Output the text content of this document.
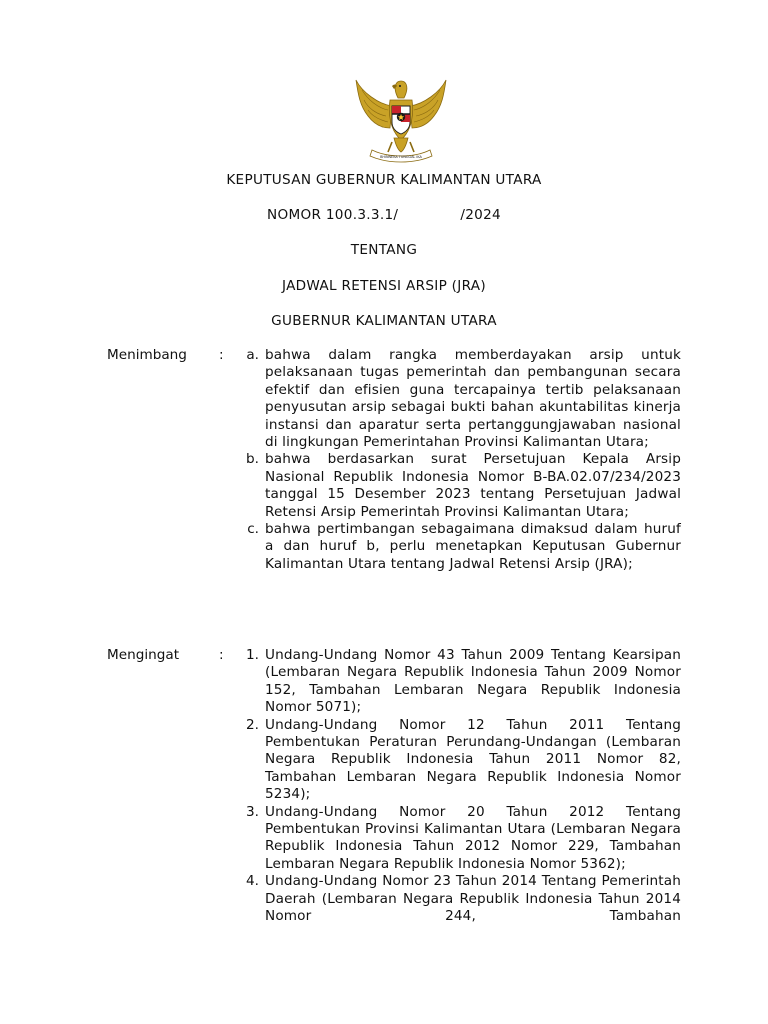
BHINNEKA TUNGGAL IKA
KEPUTUSAN GUBERNUR KALIMANTAN UTARA
NOMOR 100.3.3.1/	/2024
TENTANG
JADWAL RETENSI ARSIP (JRA)
GUBERNUR KALIMANTAN UTARA
Menimbang :	a. bahwa dalam rangka memberdayakan arsip untuk pelaksanaan tugas pemerintah dan pembangunan secara efektif dan efisien guna tercapainya tertib pelaksanaan penyusutan arsip sebagai bukti bahan akuntabilitas kinerja instansi dan aparatur serta pertanggungjawaban nasional di lingkungan Pemerintahan Provinsi Kalimantan Utara;
b. bahwa berdasarkan surat Persetujuan Kepala Arsip Nasional Republik Indonesia Nomor B-BA.02.07/234/2023 tanggal 15 Desember 2023 tentang Persetujuan Jadwal Retensi Arsip Pemerintah Provinsi Kalimantan Utara;
c. bahwa pertimbangan sebagaimana dimaksud dalam huruf a dan huruf b, perlu menetapkan Keputusan Gubernur Kalimantan Utara tentang Jadwal Retensi Arsip (JRA);
Mengingat	:	1. Undang-Undang Nomor 43 Tahun 2009 Tentang Kearsipan (Lembaran Negara Republik Indonesia Tahun 2009 Nomor 152, Tambahan Lembaran Negara Republik Indonesia Nomor 5071);
2. Undang-Undang Nomor 12 Tahun 2011 Tentang Pembentukan Peraturan Perundang-Undangan (Lembaran Negara Republik Indonesia Tahun 2011 Nomor 82, Tambahan Lembaran Negara Republik Indonesia Nomor 5234);
3. Undang-Undang Nomor 20 Tahun 2012 Tentang Pembentukan Provinsi Kalimantan Utara (Lembaran Negara Republik Indonesia Tahun 2012 Nomor 229, Tambahan Lembaran Negara Republik Indonesia Nomor 5362);
4. Undang-Undang Nomor 23 Tahun 2014 Tentang Pemerintah Daerah (Lembaran Negara Republik Indonesia Tahun 2014 Nomor 244, Tambahan
